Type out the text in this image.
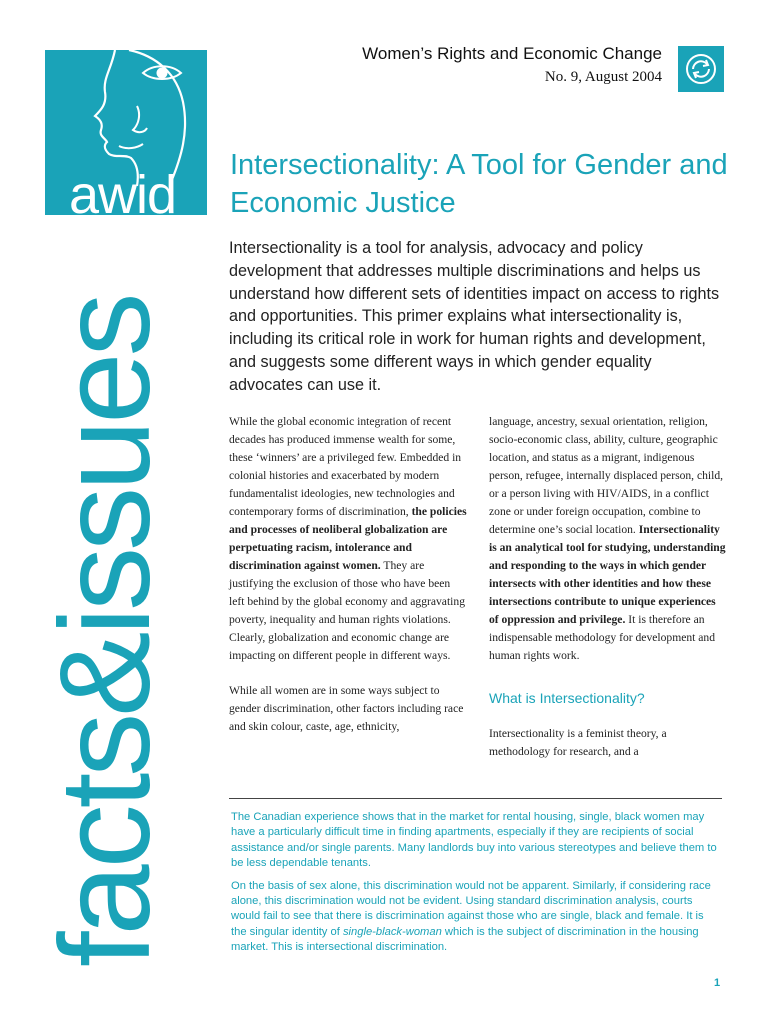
awid
facts&issues
Women’s Rights and Economic Change
No. 9, August 2004
Intersectionality: A Tool for Gender and Economic Justice

Intersectionality is a tool for analysis, advocacy and policy development that addresses multiple discriminations and helps us understand how different sets of identities impact on access to rights and opportunities. This primer explains what intersectionality is, including its critical role in work for human rights and development, and suggests some different ways in which gender equality advocates can use it.

While the global economic integration of recent decades has produced immense wealth for some, these ‘winners’ are a privileged few. Embedded in colonial histories and exacerbated by modern fundamentalist ideologies, new technologies and contemporary forms of discrimination, the policies and processes of neoliberal globalization are perpetuating racism, intolerance and discrimination against women. They are justifying the exclusion of those who have been left behind by the global economy and aggravating poverty, inequality and human rights violations. Clearly, globalization and economic change are impacting on different people in different ways.

While all women are in some ways subject to gender discrimination, other factors including race and skin colour, caste, age, ethnicity,

language, ancestry, sexual orientation, religion, socio-economic class, ability, culture, geographic location, and status as a migrant, indigenous person, refugee, internally displaced person, child, or a person living with HIV/AIDS, in a conflict zone or under foreign occupation, combine to determine one’s social location. Intersectionality is an analytical tool for studying, understanding and responding to the ways in which gender intersects with other identities and how these intersections contribute to unique experiences of oppression and privilege. It is therefore an indispensable methodology for development and human rights work.

What is Intersectionality?

Intersectionality is a feminist theory, a methodology for research, and a

The Canadian experience shows that in the market for rental housing, single, black women may have a particularly difficult time in finding apartments, especially if they are recipients of social assistance and/or single parents. Many landlords buy into various stereotypes and believe them to be less dependable tenants.

On the basis of sex alone, this discrimination would not be apparent. Similarly, if considering race alone, this discrimination would not be evident. Using standard discrimination analysis, courts would fail to see that there is discrimination against those who are single, black and female. It is the singular identity of single-black-woman which is the subject of discrimination in the housing market. This is intersectional discrimination.

1
